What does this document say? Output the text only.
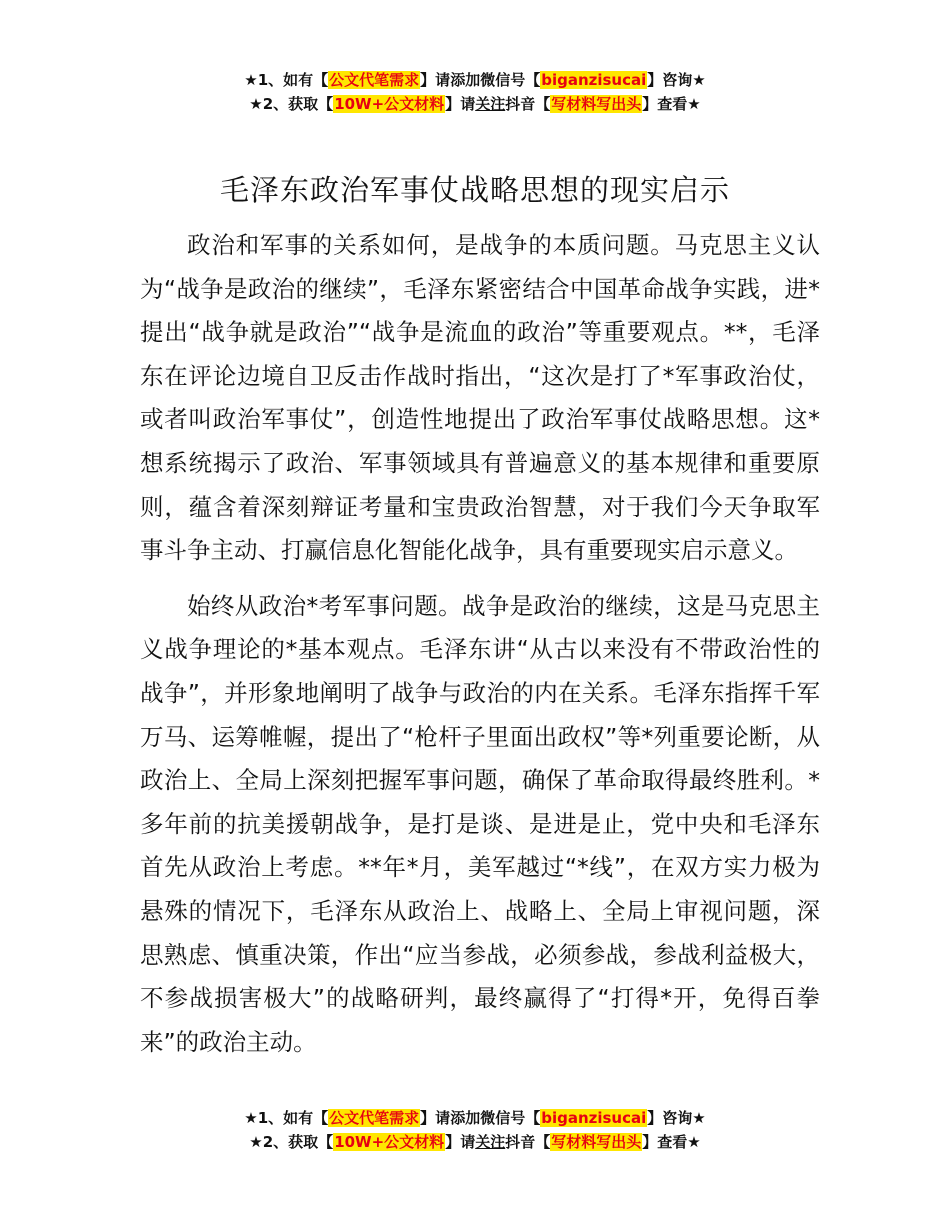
★1、如有【公文代笔需求】请添加微信号【biganzisucai】咨询★
★2、获取【10W+公文材料】请关注抖音【写材料写出头】查看★
毛泽东政治军事仗战略思想的现实启示

政治和军事的关系如何，是战争的本质问题。马克思主义认为“战争是政治的继续”，毛泽东紧密结合中国革命战争实践，进*提出“战争就是政治”“战争是流血的政治”等重要观点。**，毛泽东在评论边境自卫反击作战时指出，“这次是打了*军事政治仗，或者叫政治军事仗”，创造性地提出了政治军事仗战略思想。这*想系统揭示了政治、军事领域具有普遍意义的基本规律和重要原则，蕴含着深刻辩证考量和宝贵政治智慧，对于我们今天争取军事斗争主动、打赢信息化智能化战争，具有重要现实启示意义。

始终从政治*考军事问题。战争是政治的继续，这是马克思主义战争理论的*基本观点。毛泽东讲“从古以来没有不带政治性的战争”，并形象地阐明了战争与政治的内在关系。毛泽东指挥千军万马、运筹帷幄，提出了“枪杆子里面出政权”等*列重要论断，从政治上、全局上深刻把握军事问题，确保了革命取得最终胜利。*多年前的抗美援朝战争，是打是谈、是进是止，党中央和毛泽东首先从政治上考虑。**年*月，美军越过“*线”，在双方实力极为悬殊的情况下，毛泽东从政治上、战略上、全局上审视问题，深思熟虑、慎重决策，作出“应当参战，必须参战，参战利益极大，不参战损害极大”的战略研判，最终赢得了“打得*开，免得百拳来”的政治主动。

★1、如有【公文代笔需求】请添加微信号【biganzisucai】咨询★
★2、获取【10W+公文材料】请关注抖音【写材料写出头】查看★
